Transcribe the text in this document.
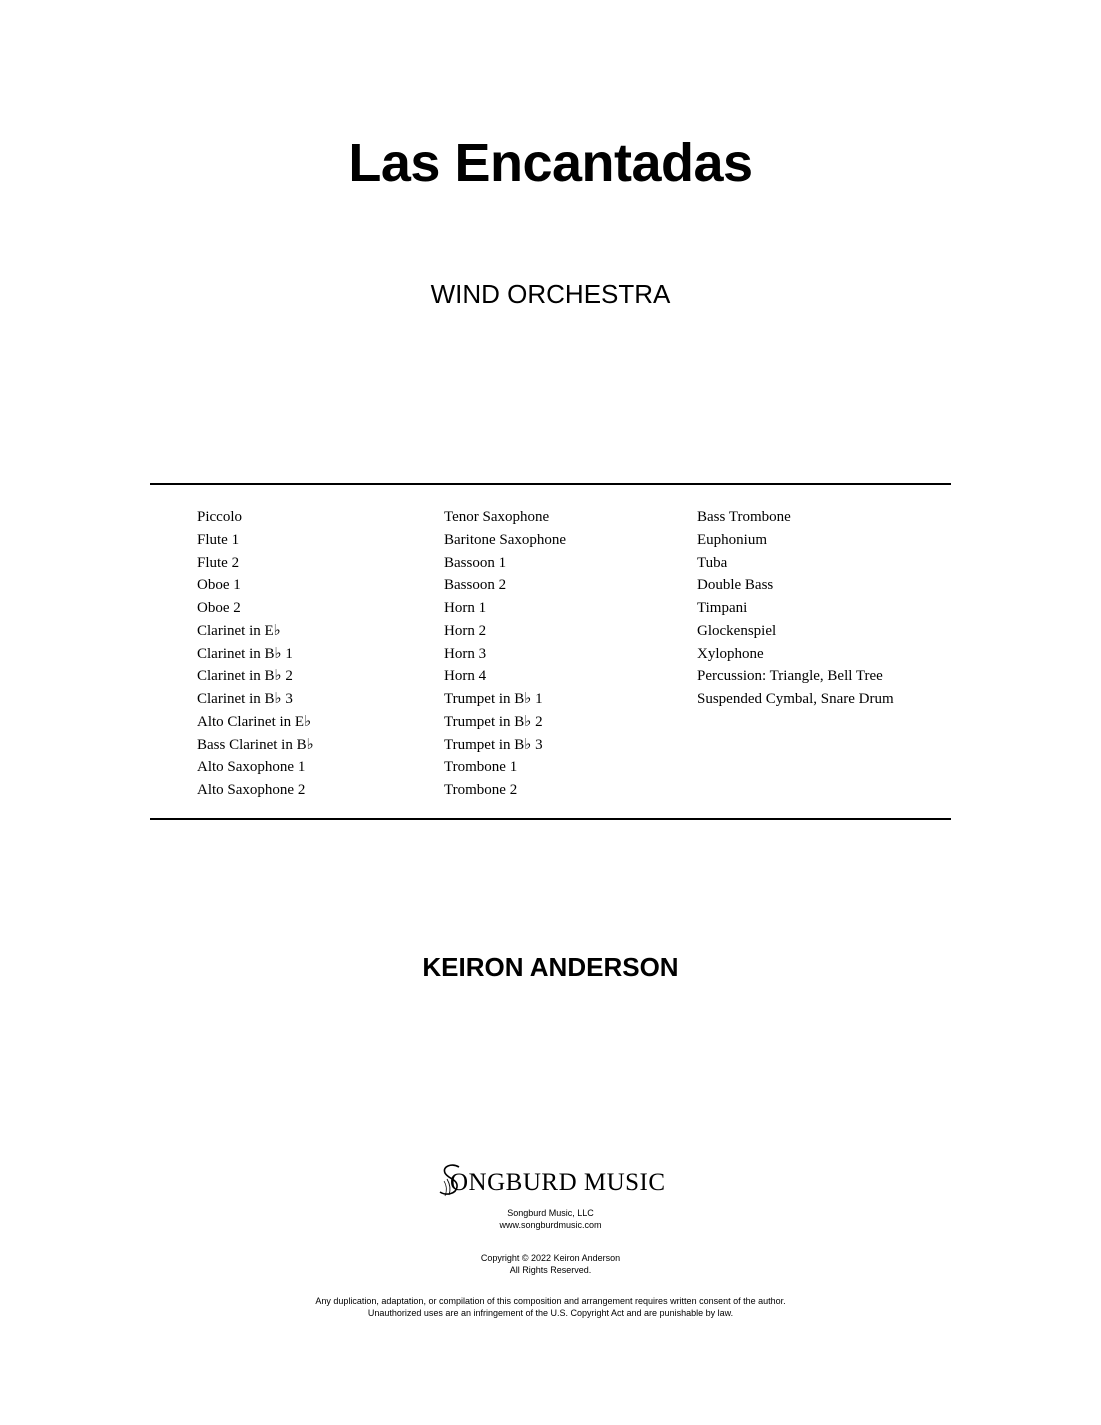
Las Encantadas
WIND ORCHESTRA
Piccolo
Flute 1
Flute 2
Oboe 1
Oboe 2
Clarinet in E♭
Clarinet in B♭ 1
Clarinet in B♭ 2
Clarinet in B♭ 3
Alto Clarinet in E♭
Bass Clarinet in B♭
Alto Saxophone 1
Alto Saxophone 2
Tenor Saxophone
Baritone Saxophone
Bassoon 1
Bassoon 2
Horn 1
Horn 2
Horn 3
Horn 4
Trumpet in B♭ 1
Trumpet in B♭ 2
Trumpet in B♭ 3
Trombone 1
Trombone 2
Bass Trombone
Euphonium
Tuba
Double Bass
Timpani
Glockenspiel
Xylophone
Percussion: Triangle, Bell Tree
Suspended Cymbal, Snare Drum
KEIRON ANDERSON
ONGBURD MUSIC
Songburd Music, LLC
www.songburdmusic.com
Copyright © 2022 Keiron Anderson
All Rights Reserved.
Any duplication, adaptation, or compilation of this composition and arrangement requires written consent of the author.
Unauthorized uses are an infringement of the U.S. Copyright Act and are punishable by law.
